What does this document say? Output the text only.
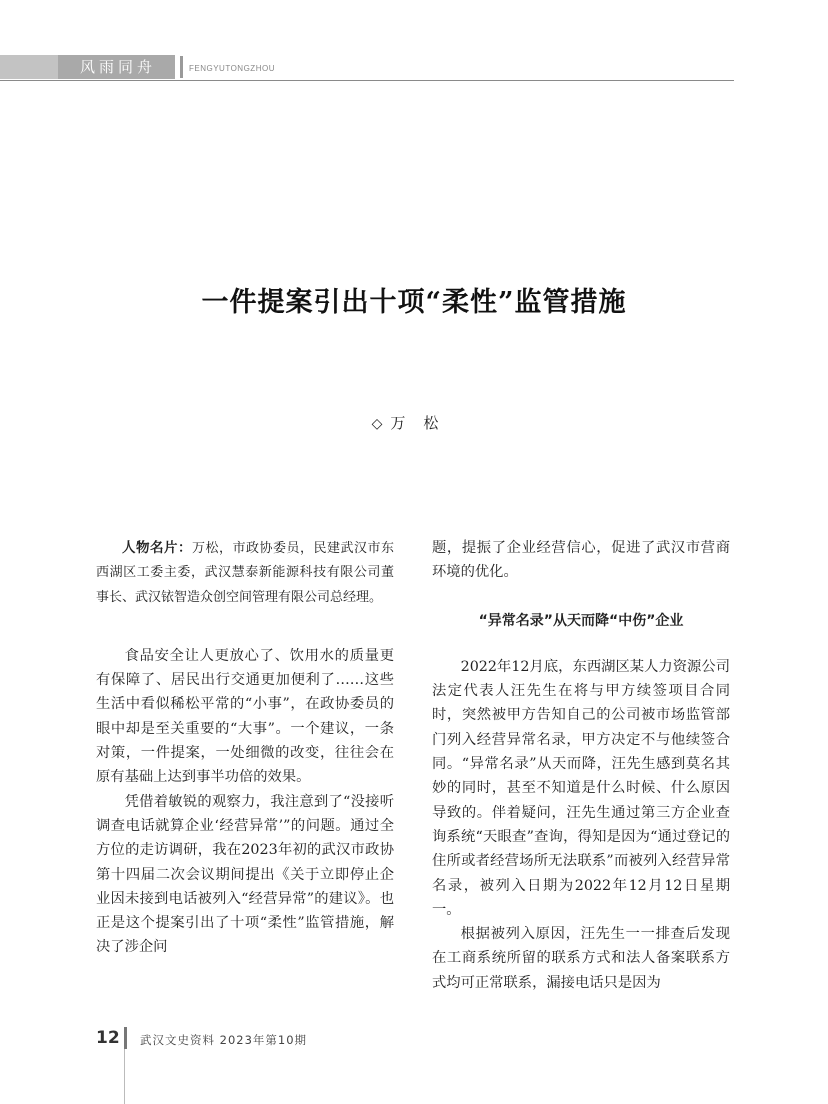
风雨同舟	FENGYUTONGZHOU
一件提案引出十项“柔性”监管措施
◇ 万松

人物名片：万松，市政协委员，民建武汉市东西湖区工委主委，武汉慧泰新能源科技有限公司董事长、武汉铱智造众创空间管理有限公司总经理。

食品安全让人更放心了、饮用水的质量更有保障了、居民出行交通更加便利了……这些生活中看似稀松平常的“小事”，在政协委员的眼中却是至关重要的“大事”。一个建议，一条对策，一件提案，一处细微的改变，往往会在原有基础上达到事半功倍的效果。

凭借着敏锐的观察力，我注意到了“没接听调查电话就算企业‘经营异常’”的问题。通过全方位的走访调研，我在2023年初的武汉市政协第十四届二次会议期间提出《关于立即停止企业因未接到电话被列入“经营异常”的建议》。也正是这个提案引出了十项“柔性”监管措施，解决了涉企问

题，提振了企业经营信心，促进了武汉市营商环境的优化。

“异常名录”从天而降“中伤”企业

2022年12月底，东西湖区某人力资源公司法定代表人汪先生在将与甲方续签项目合同时，突然被甲方告知自己的公司被市场监管部门列入经营异常名录，甲方决定不与他续签合同。“异常名录”从天而降，汪先生感到莫名其妙的同时，甚至不知道是什么时候、什么原因导致的。伴着疑问，汪先生通过第三方企业查询系统“天眼查”查询，得知是因为“通过登记的住所或者经营场所无法联系”而被列入经营异常名录，被列入日期为2022年12月12日星期一。

根据被列入原因，汪先生一一排查后发现在工商系统所留的联系方式和法人备案联系方式均可正常联系，漏接电话只是因为

12 武汉文史资料 2023年第10期
